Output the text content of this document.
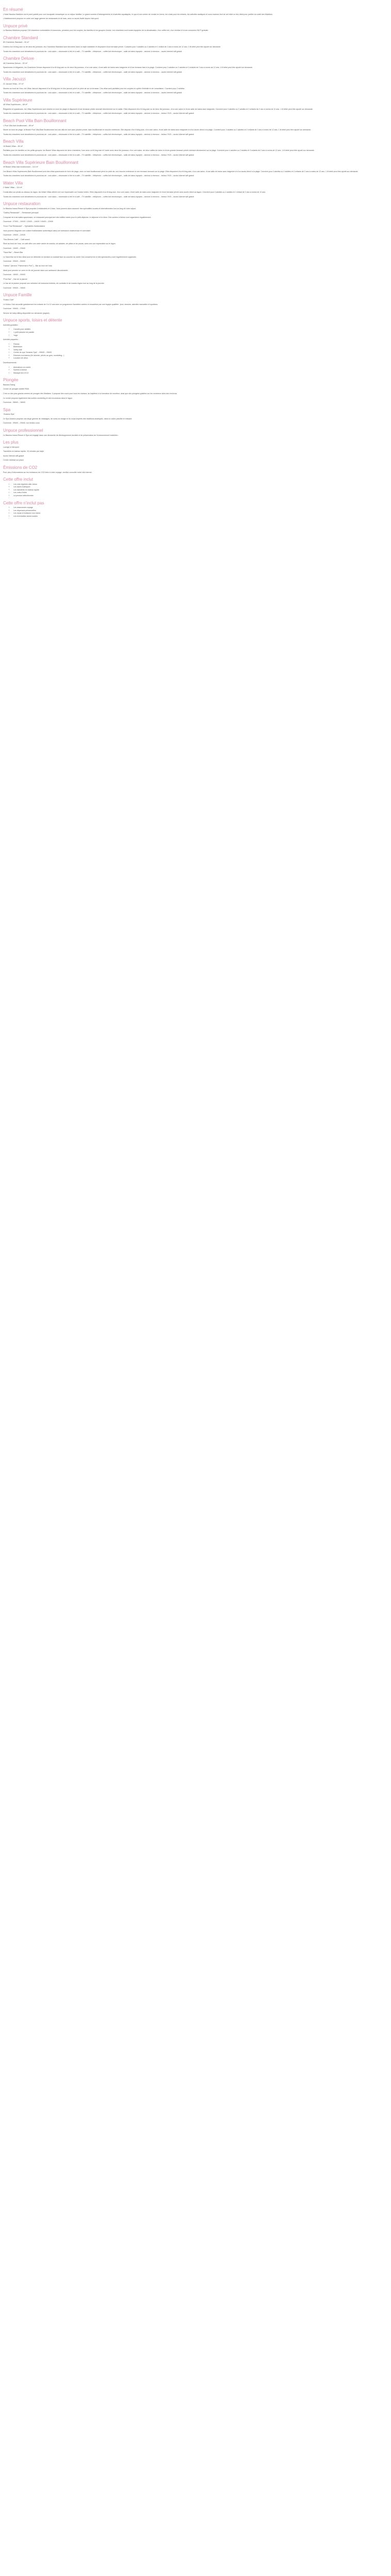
En résumé

L'hôtel Bandos Maldives est le point parfait pour une escapade romantique ou un séjour familial. Le grand nombre d'hébergements et d'activités aquatiques, le spa et son centre de remise en forme, les clubs pour les enfants, les activités nautiques et sous-marines font de cet hôtel un lieu idéal pour profiter du soleil des Maldives.

L'établissement propose en outre une large gamme de restaurants et de bars, avec un accès facile depuis l'aéroport.

Unpuce privé

Le Bandos Maldives propose 216 chambres confortables et luxueuses, pensées pour les couples, les familles et les groupes d'amis. Les chambres sont toutes équipées de la climatisation, d'un coffre-fort, d'un minibar et d'une connexion Wi-Fi gratuite.

Chambre Standard

80 Chambres Standard – 30 m²

Dotées d'un lit king-size ou de deux lits jumeaux, les Chambres Standard sont décorées dans un style maldivien et disposent d'une terrasse privée. Convient pour 3 adultes ou 2 adultes et 1 enfant de 2 ans à moins de 12 ans. 1 lit bébé peut être ajouté sur demande.

Toutes les chambres sont climatisées et pourvues de : coin salon – nécessaire à thé et à café – TV satellite – téléphone – coffre-fort électronique – salle de bains équipée – séchoir à cheveux – accès Internet wifi gratuit

Chambre Deluxe

48 Chambres Deluxe – 53 m²

Spacieuses et élégantes, les Chambres Deluxe disposent d'un lit king-size ou de deux lits jumeaux, d'un coin salon, d'une salle de bains avec baignoire et d'une terrasse face à la plage. Convient pour 3 adultes ou 2 adultes et 2 enfants de 2 ans à moins de 12 ans. 1 lit bébé peut être ajouté sur demande.

Toutes les chambres sont climatisées et pourvues de : coin salon – nécessaire à thé et à café – TV satellite – téléphone – coffre-fort électronique – salle de bains équipée – séchoir à cheveux – accès Internet wifi gratuit

Villa Jacuzzi

22 Jacuzzi Villas – 57 m²

Situées au bord de l'eau, les Villas Jacuzzi disposent d'un lit king-size et d'un jacuzzi privé en plein air sur la terrasse. Ces villas sont parfaites pour les couples en quête d'intimité et de romantisme. Convient pour 2 adultes.

Toutes les chambres sont climatisées et pourvues de : coin salon – nécessaire à thé et à café – TV satellite – téléphone – coffre-fort électronique – salle de bains équipée – séchoir à cheveux – accès Internet wifi gratuit

Villa Supérieure

48 Villas Supérieures – 68 m²

Élégantes et spacieuses, les Villas Supérieures sont situées en bord de plage et disposent d'une terrasse privée donnant directement sur le sable. Elles disposent d'un lit king-size ou de deux lits jumeaux, d'un coin salon et d'une salle de bains avec baignoire. Convient pour 3 adultes ou 2 adultes et 2 enfants de 2 ans à moins de 12 ans. 1 lit bébé peut être ajouté sur demande.

Toutes les chambres sont climatisées et pourvues de : coin salon – nécessaire à thé et à café – TV satellite – téléphone – coffre-fort électronique – salle de bains équipée – séchoir à cheveux – lecteur DVD – accès Internet wifi gratuit

Beach Pool Villa Bain Bouillonnant

1 Pool Villa bain bouillonnant – 89 m²

Située en bord de plage, la Beach Pool Villa Bain Bouillonnant est une villa de luxe avec piscine privée, bain bouillonnant et douche extérieure. Elle dispose d'un lit king-size, d'un coin salon, d'une salle de bains avec baignoire et d'un accès direct à la plage. Convient pour 3 adultes ou 2 adultes et 2 enfants de 2 ans à moins de 12 ans. 1 lit bébé peut être ajouté sur demande.

Toutes les chambres sont climatisées et pourvues de : coin salon – nécessaire à thé et à café – TV satellite – téléphone – coffre-fort électronique – salle de bains équipée – séchoir à cheveux – lecteur DVD – accès Internet wifi gratuit

Beach Villa

16 Beach Villas – 80 m²

Parfaites pour les familles ou les petits groupes, les Beach Villas disposent de deux chambres, l'une avec un lit king-size et l'autre avec deux lits jumeaux, d'un coin salon, de deux salles de bains et d'une grande terrasse privée donnant directement sur la plage. Convient pour 4 adultes ou 2 adultes et 3 enfants de 2 ans à moins de 12 ans. 1 lit bébé peut être ajouté sur demande.

Toutes les chambres sont climatisées et pourvues de : coin salon – nécessaire à thé et à café – TV satellite – téléphone – coffre-fort électronique – salle de bains équipée – séchoir à cheveux – lecteur DVD – accès Internet wifi gratuit

Beach Villa Supérieure Bain Bouillonnant

49 Beach Villas bain bouillonnant – 110 m²

Les Beach Villas Supérieures Bain Bouillonnant sont des villas spacieuses en bord de plage, avec un bain bouillonnant privé en plein air, une douche extérieure et une terrasse donnant sur la plage. Elles disposent d'un lit king-size, d'un coin salon, d'une salle de bains avec baignoire et d'un accès direct à la plage. Convient pour 3 adultes ou 2 adultes et 2 enfants de 2 ans à moins de 12 ans. 1 lit bébé peut être ajouté sur demande.

Toutes les chambres sont climatisées et pourvues de : coin salon – nécessaire à thé et à café – TV satellite – téléphone – coffre-fort électronique – salle de bains équipée – séchoir à cheveux – lecteur DVD – accès Internet wifi gratuit

Water Villa

2 Water Villas – 116 m²

Construites sur pilotis au-dessus du lagon, les Water Villas offrent une vue imprenable sur l'océan Indien. Elles disposent d'un lit king-size, d'un coin salon, d'une salle de bains avec baignoire et d'une terrasse privée avec accès direct au lagon. Convient pour 3 adultes ou 2 adultes et 1 enfant de 2 ans à moins de 12 ans.

Toutes les chambres sont climatisées et pourvues de : coin salon – nécessaire à thé et à café – TV satellite – téléphone – coffre-fort électronique – salle de bains équipée – séchoir à cheveux – lecteur DVD – accès Internet wifi gratuit

Unpuce restauration

Le Bandos Island Resort & Spa propose 4 restaurants et 3 bars. Vous pourrez ainsi savourer des spécialités locales et internationales tout au long de votre séjour.

"Gallery Restaurant" – Restaurant principal

Composé de trois salles spacieuses, ce restaurant principal sert des buffets variés pour le petit-déjeuner, le déjeuner et le dîner. Des soirées à thème sont organisées régulièrement.

Ouverture : 07h00 – 10h30 / 12h30 – 14h30 / 19h00 – 22h00

"Koon Thai Restaurant" – Spécialités thaïlandaises

Vous pourrez déguster une cuisine thaïlandaise authentique dans une ambiance chaleureuse et conviviale.

Ouverture : 19h00 – 22h30

"Sea Breeze Café" – Café snack

Situé au bord de l'eau, ce café offre une carte variée de snacks, de salades, de pâtes et de pizzas, avec une vue imprenable sur le lagon.

Ouverture : 10h00 – 23h00

"Sand Bar" – Beach Bar

Le Sand Bar est le lieu idéal pour se détendre en sirotant un cocktail face au coucher du soleil. Des concerts live et des spectacles y sont régulièrement organisés.

Ouverture : 09h00 – 00h00

"Harbor" (service "Fisherman's Pub") – Bar au bord de l'eau

Idéal pour prendre un verre en fin de journée dans une ambiance décontractée.

Ouverture : 18h00 – 00h00

"Pool Bar" – Bar de la piscine

Le bar de la piscine propose une sélection de boissons fraîches, de cocktails et de snacks légers tout au long de la journée.

Ouverture : 09h00 – 19h00

Unpuce Famille

"Kokko Club"

Le Kokko Club accueille gratuitement les enfants de 3 à 12 ans avec un programme d'activités variées et encadrées par une équipe qualifiée : jeux, dessins, activités manuelles et sportives.

Ouverture : 09h00 – 17h00

Service de baby-sitting disponible sur demande (payant).

Unpuce sports, loisirs et détente

Activités gratuites :

• Canoës pour adultes
• 1 petit planche de paddle
• Yoga

Activités payantes :

• Fitness
• Badminton
• Volley-ball
• Centre de spa "Araamu Spa" – 09h00 – 20h00
• Diverses excursions (île déserte, pêche au gros, snorkeling...)
• Location de vélos

Divertissements :

• Animations en soirée
• Soirées à thème
• Musique live et DJ
Plongée

Bandos Diving

Centre de plongée certifié PADI.

C'est un des plus grands centres de plongée des Maldives. Il propose des cours pour tous les niveaux, du baptême à la formation de moniteur, ainsi que des plongées guidées sur les nombreux sites des environs.

Le centre propose également des sorties snorkeling et des excursions dans le lagon.

Ouverture : 08h00 – 18h00

Spa

"Araamu Spa"

Le Spa Araamu propose une large gamme de massages, de soins du visage et du corps inspirés des traditions asiatiques, dans un cadre paisible et relaxant.

Ouverture : 09h00 – 20h00, sur rendez-vous

Unpuce professionnel

Le Bandos Island Resort & Spa est engagé dans une démarche de développement durable et de préservation de l'environnement maldivien.

Les plus

Lounge à l'aéroport

Transferts en bateau rapide, 15 minutes par trajet

Accès Internet wifi gratuit

Centre médical sur place

Émissions de CO2

Pour plus d'informations sur les émissions de CO2 liées à votre voyage, veuillez consulter notre site internet.

Cette offre inclut
• Les vols réguliers aller-retour
• Les taxes d'aéroport
• Les transferts en bateau rapide
• Les nuits d'hôtel
• La pension sélectionnée
Cette offre n'inclut pas
• Les assurances voyage
• Les dépenses personnelles
• Les repas et boissons non inclus
• Les éventuelles taxes locales
